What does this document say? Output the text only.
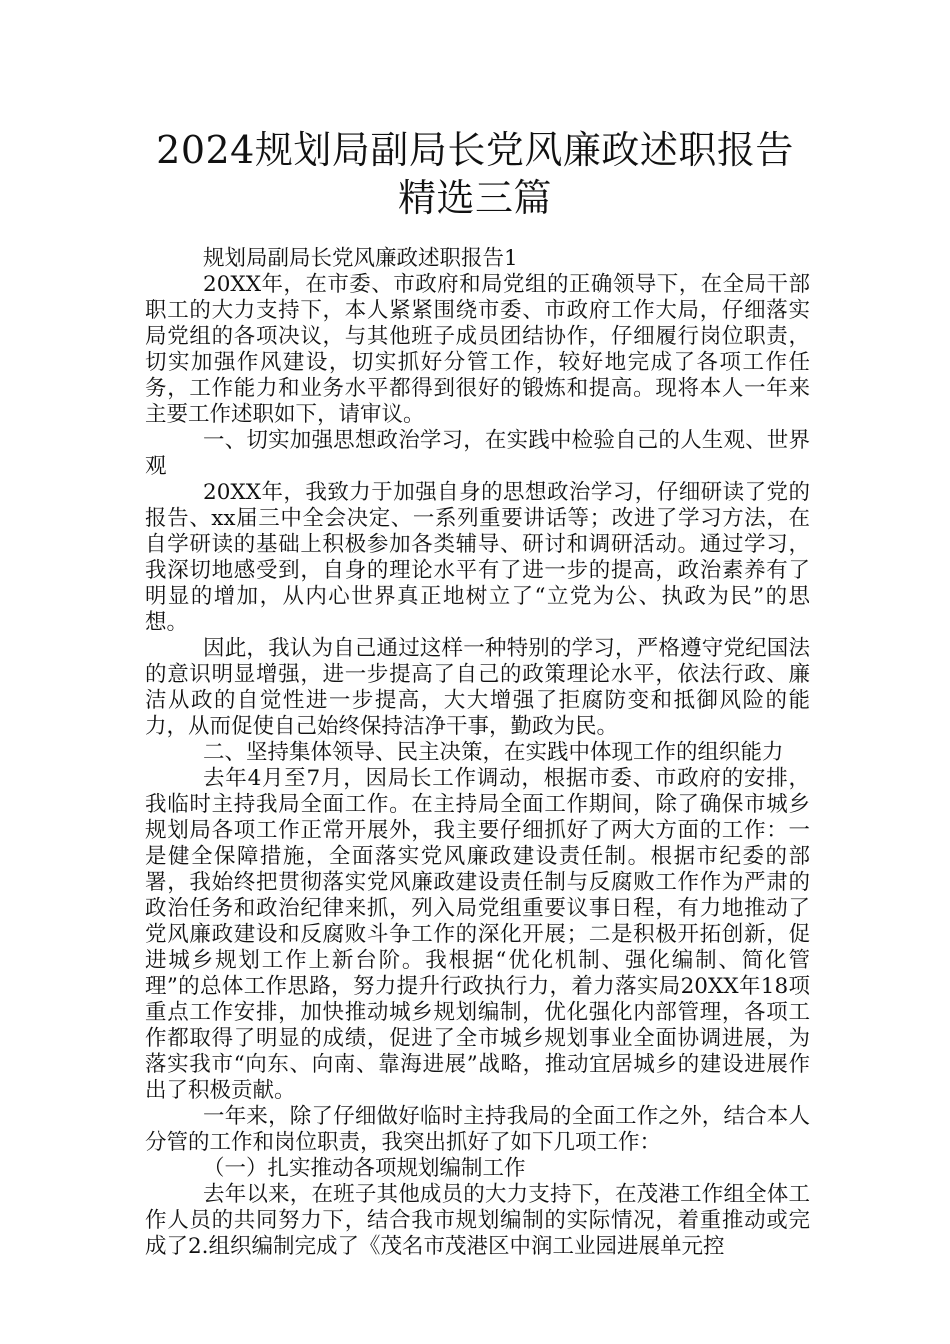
2024规划局副局长党风廉政述职报告精选三篇

规划局副局长党风廉政述职报告1

20XX年，在市委、市政府和局党组的正确领导下，在全局干部职工的大力支持下，本人紧紧围绕市委、市政府工作大局，仔细落实局党组的各项决议，与其他班子成员团结协作，仔细履行岗位职责，切实加强作风建设，切实抓好分管工作，较好地完成了各项工作任务，工作能力和业务水平都得到很好的锻炼和提高。现将本人一年来主要工作述职如下，请审议。

一、切实加强思想政治学习，在实践中检验自己的人生观、世界观

20XX年，我致力于加强自身的思想政治学习，仔细研读了党的报告、xx届三中全会决定、一系列重要讲话等；改进了学习方法，在自学研读的基础上积极参加各类辅导、研讨和调研活动。通过学习，我深切地感受到，自身的理论水平有了进一步的提高，政治素养有了明显的增加，从内心世界真正地树立了“立党为公、执政为民”的思想。

因此，我认为自己通过这样一种特别的学习，严格遵守党纪国法的意识明显增强，进一步提高了自己的政策理论水平，依法行政、廉洁从政的自觉性进一步提高，大大增强了拒腐防变和抵御风险的能力，从而促使自己始终保持洁净干事，勤政为民。

二、坚持集体领导、民主决策，在实践中体现工作的组织能力

去年4月至7月，因局长工作调动，根据市委、市政府的安排，我临时主持我局全面工作。在主持局全面工作期间，除了确保市城乡规划局各项工作正常开展外，我主要仔细抓好了两大方面的工作：一是健全保障措施，全面落实党风廉政建设责任制。根据市纪委的部署，我始终把贯彻落实党风廉政建设责任制与反腐败工作作为严肃的政治任务和政治纪律来抓，列入局党组重要议事日程，有力地推动了党风廉政建设和反腐败斗争工作的深化开展；二是积极开拓创新，促进城乡规划工作上新台阶。我根据“优化机制、强化编制、简化管理”的总体工作思路，努力提升行政执行力，着力落实局20XX年18项重点工作安排，加快推动城乡规划编制，优化强化内部管理，各项工作都取得了明显的成绩，促进了全市城乡规划事业全面协调进展，为落实我市“向东、向南、靠海进展”战略，推动宜居城乡的建设进展作出了积极贡献。

一年来，除了仔细做好临时主持我局的全面工作之外，结合本人分管的工作和岗位职责，我突出抓好了如下几项工作：

（一）扎实推动各项规划编制工作

去年以来，在班子其他成员的大力支持下，在茂港工作组全体工作人员的共同努力下，结合我市规划编制的实际情况，着重推动或完成了2.组织编制完成了《茂名市茂港区中润工业园进展单元控
